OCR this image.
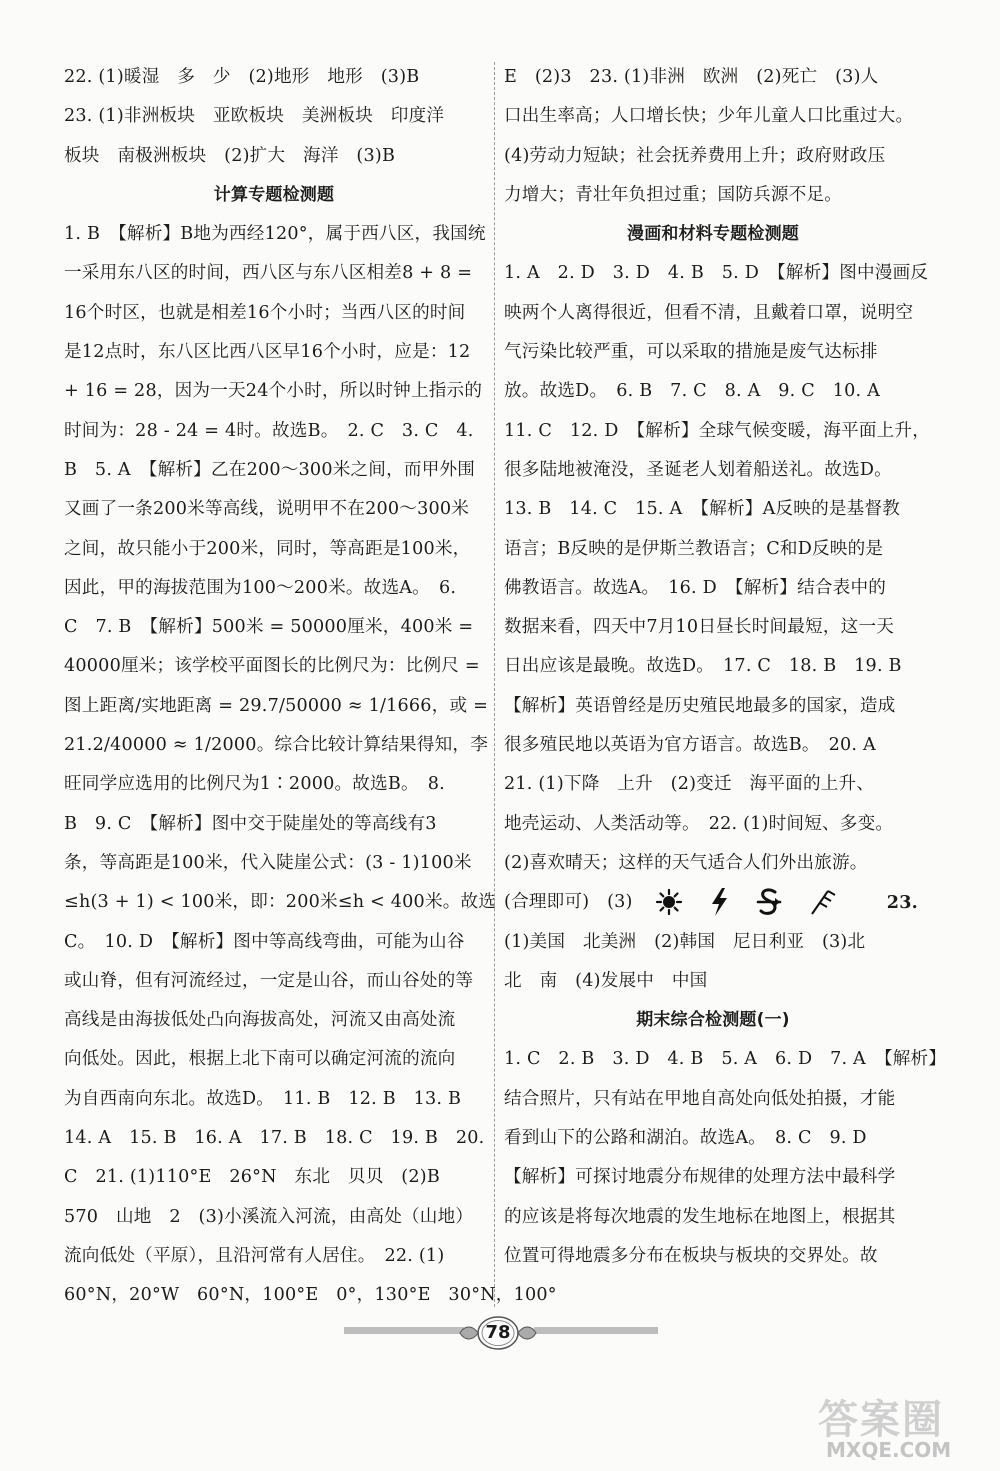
22. (1)暖湿　多　少　(2)地形　地形　(3)B
23. (1)非洲板块　亚欧板块　美洲板块　印度洋
板块　南极洲板块　(2)扩大　海洋　(3)B
计算专题检测题
1. B　【解析】B地为西经120°，属于西八区，我国统
一采用东八区的时间，西八区与东八区相差8 + 8 =
16个时区，也就是相差16个小时；当西八区的时间
是12点时，东八区比西八区早16个小时，应是：12
+ 16 = 28，因为一天24个小时，所以时钟上指示的
时间为：28 - 24 = 4时。故选B。　2. C　3. C　4.
B　5. A　【解析】乙在200～300米之间，而甲外围
又画了一条200米等高线，说明甲不在200～300米
之间，故只能小于200米，同时，等高距是100米，
因此，甲的海拔范围为100～200米。故选A。　6.
C　7. B　【解析】500米 = 50000厘米，400米 =
40000厘米；该学校平面图长的比例尺为：比例尺 =
图上距离/实地距离 = 29.7/50000 ≈ 1/1666，或 =
21.2/40000 ≈ 1/2000。综合比较计算结果得知，李
旺同学应选用的比例尺为1∶2000。故选B。　8.
B　9. C　【解析】图中交于陡崖处的等高线有3
条，等高距是100米，代入陡崖公式：(3 - 1)100米
≤h(3 + 1) < 100米，即：200米≤h < 400米。故选
C。　10. D　【解析】图中等高线弯曲，可能为山谷
或山脊，但有河流经过，一定是山谷，而山谷处的等
高线是由海拔低处凸向海拔高处，河流又由高处流
向低处。因此，根据上北下南可以确定河流的流向
为自西南向东北。故选D。　11. B　12. B　13. B
14. A　15. B　16. A　17. B　18. C　19. B　20.
C　21. (1)110°E　26°N　东北　贝贝　(2)B
570　山地　2　(3)小溪流入河流，由高处（山地）
流向低处（平原），且沿河常有人居住。　22. (1)
60°N，20°W　60°N，100°E　0°，130°E　30°N，100°
E　(2)3　23. (1)非洲　欧洲　(2)死亡　(3)人
口出生率高；人口增长快；少年儿童人口比重过大。
(4)劳动力短缺；社会抚养费用上升；政府财政压
力增大；青壮年负担过重；国防兵源不足。
漫画和材料专题检测题
1. A　2. D　3. D　4. B　5. D　【解析】图中漫画反
映两个人离得很近，但看不清，且戴着口罩，说明空
气污染比较严重，可以采取的措施是废气达标排
放。故选D。　6. B　7. C　8. A　9. C　10. A
11. C　12. D　【解析】全球气候变暖，海平面上升，
很多陆地被淹没，圣诞老人划着船送礼。故选D。
13. B　14. C　15. A　【解析】A反映的是基督教
语言；B反映的是伊斯兰教语言；C和D反映的是
佛教语言。故选A。　16. D　【解析】结合表中的
数据来看，四天中7月10日昼长时间最短，这一天
日出应该是最晚。故选D。　17. C　18. B　19. B
【解析】英语曾经是历史殖民地最多的国家，造成
很多殖民地以英语为官方语言。故选B。　20. A
21. (1)下降　上升　(2)变迁　海平面的上升、
地壳运动、人类活动等。　22. (1)时间短、多变。
(2)喜欢晴天；这样的天气适合人们外出旅游。
(合理即可)　(3)	23.
(1)美国　北美洲　(2)韩国　尼日利亚　(3)北
北　南　(4)发展中　中国
期末综合检测题(一)
1. C　2. B　3. D　4. B　5. A　6. D　7. A　【解析】
结合照片，只有站在甲地自高处向低处拍摄，才能
看到山下的公路和湖泊。故选A。　8. C　9. D
【解析】可探讨地震分布规律的处理方法中最科学
的应该是将每次地震的发生地标在地图上，根据其
位置可得地震多分布在板块与板块的交界处。故
78
答案圈
MXQE.COM
